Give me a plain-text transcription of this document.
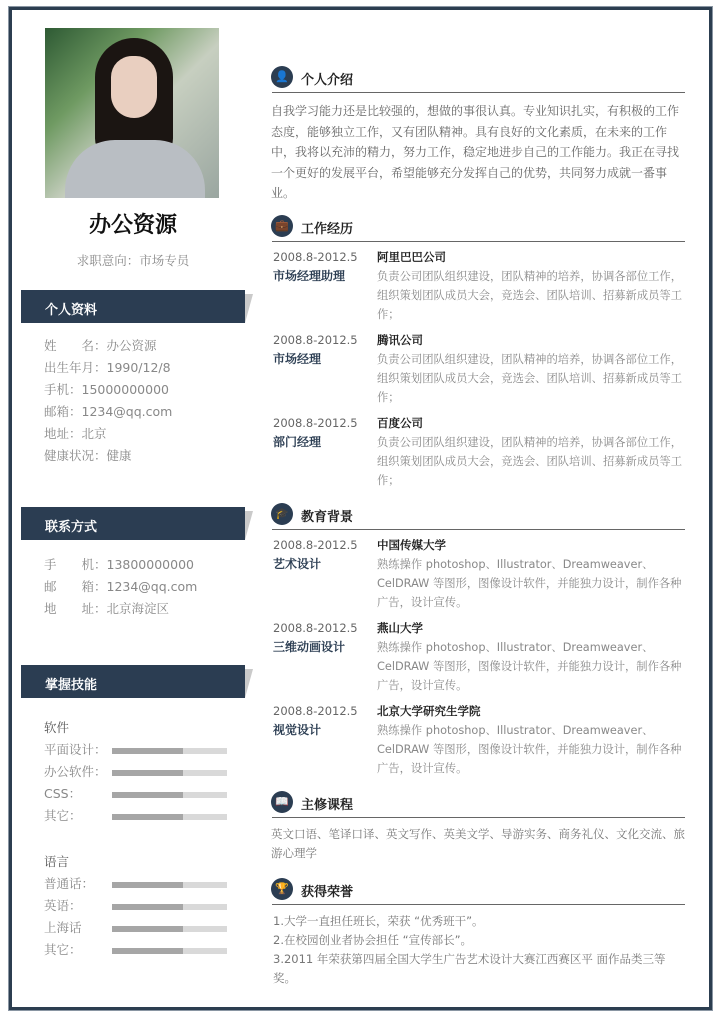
办公资源
求职意向：市场专员
个人资料
姓　　名：办公资源
出生年月：1990/12/8
手机：15000000000
邮箱：1234@qq.com
地址：北京
健康状况：健康
联系方式
手　　机：13800000000
邮　　箱：1234@qq.com
地　　址：北京海淀区
掌握技能
软件
平面设计：
办公软件：
CSS：
其它：
语言
普通话：
英语：
上海话
其它：
👤 个人介绍
自我学习能力还是比较强的，想做的事很认真。专业知识扎实，有积极的工作态度，能够独立工作，又有团队精神。具有良好的文化素质，在未来的工作中，我将以充沛的精力，努力工作，稳定地进步自己的工作能力。我正在寻找一个更好的发展平台，希望能够充分发挥自己的优势，共同努力成就一番事业。
💼 工作经历
2008.8-2012.5
市场经理助理
阿里巴巴公司
负责公司团队组织建设，团队精神的培养，协调各部位工作，组织策划团队成员大会，竞选会、团队培训、招募新成员等工作；
2008.8-2012.5
市场经理
腾讯公司
负责公司团队组织建设，团队精神的培养，协调各部位工作，组织策划团队成员大会，竞选会、团队培训、招募新成员等工作；
2008.8-2012.5
部门经理
百度公司
负责公司团队组织建设，团队精神的培养，协调各部位工作，组织策划团队成员大会，竞选会、团队培训、招募新成员等工作；
🎓 教育背景
2008.8-2012.5
艺术设计
中国传媒大学
熟练操作 photoshop、Illustrator、Dreamweaver、CelDRAW 等图形，图像设计软件，并能独力设计，制作各种广告，设计宣传。
2008.8-2012.5
三维动画设计
燕山大学
熟练操作 photoshop、Illustrator、Dreamweaver、CelDRAW 等图形，图像设计软件，并能独力设计，制作各种广告，设计宣传。
2008.8-2012.5
视觉设计
北京大学研究生学院
熟练操作 photoshop、Illustrator、Dreamweaver、CelDRAW 等图形，图像设计软件，并能独力设计，制作各种广告，设计宣传。
📖 主修课程
英文口语、笔译口译、英文写作、英美文学、导游实务、商务礼仪、文化交流、旅游心理学
🏆 获得荣誉
1.大学一直担任班长，荣获 “优秀班干”。
2.在校园创业者协会担任 “宣传部长”。
3.2011 年荣获第四届全国大学生广告艺术设计大赛江西赛区平 面作品类三等奖。
